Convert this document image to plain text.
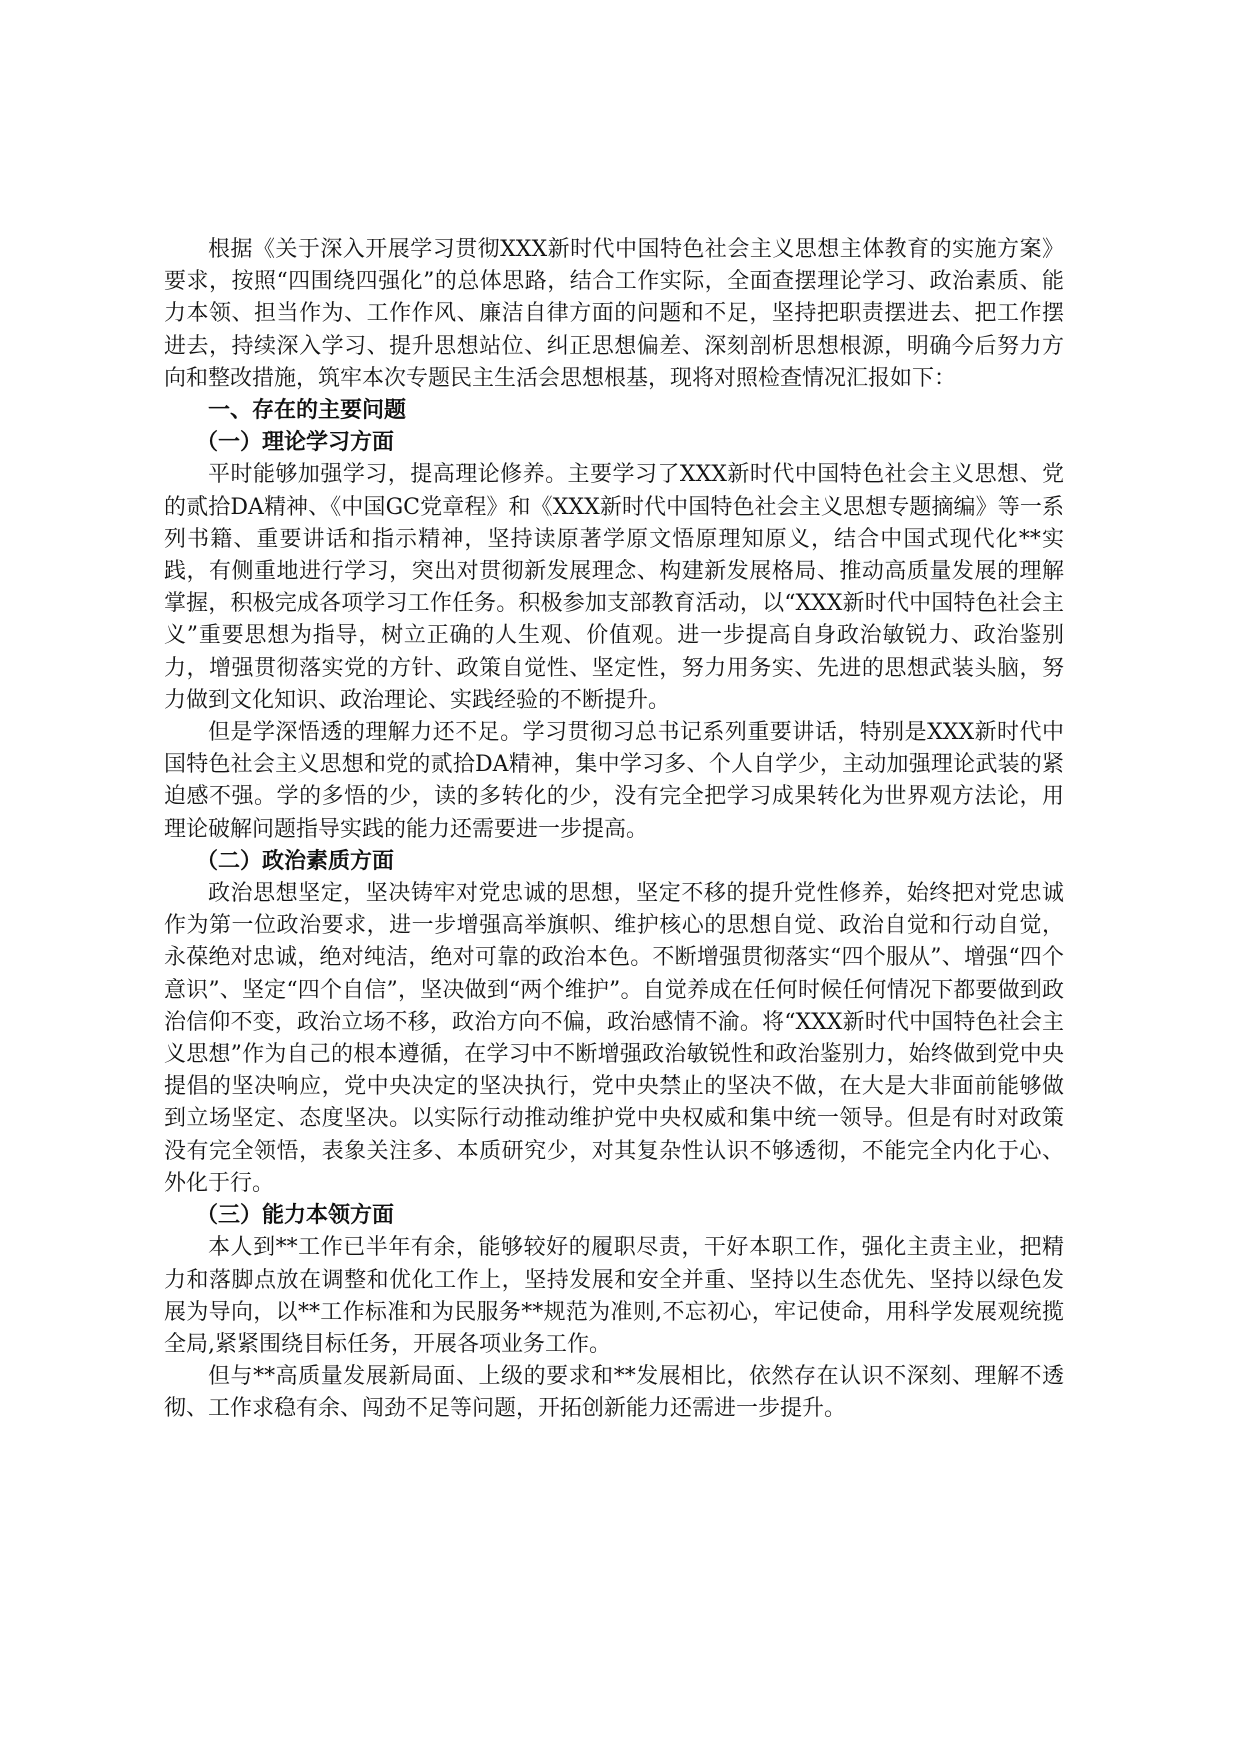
根据《关于深入开展学习贯彻XXX新时代中国特色社会主义思想主体教育的实施方案》要求，按照“四围绕四强化”的总体思路，结合工作实际，全面查摆理论学习、政治素质、能力本领、担当作为、工作作风、廉洁自律方面的问题和不足，坚持把职责摆进去、把工作摆进去，持续深入学习、提升思想站位、纠正思想偏差、深刻剖析思想根源，明确今后努力方向和整改措施，筑牢本次专题民主生活会思想根基，现将对照检查情况汇报如下：

一、存在的主要问题
（一）理论学习方面

平时能够加强学习，提高理论修养。主要学习了XXX新时代中国特色社会主义思想、党的贰拾DA精神、《中国GC党章程》和《XXX新时代中国特色社会主义思想专题摘编》等一系列书籍、重要讲话和指示精神，坚持读原著学原文悟原理知原义，结合中国式现代化**实践，有侧重地进行学习，突出对贯彻新发展理念、构建新发展格局、推动高质量发展的理解掌握，积极完成各项学习工作任务。积极参加支部教育活动，以“XXX新时代中国特色社会主义”重要思想为指导，树立正确的人生观、价值观。进一步提高自身政治敏锐力、政治鉴别力，增强贯彻落实党的方针、政策自觉性、坚定性，努力用务实、先进的思想武装头脑，努力做到文化知识、政治理论、实践经验的不断提升。

但是学深悟透的理解力还不足。学习贯彻习总书记系列重要讲话，特别是XXX新时代中国特色社会主义思想和党的贰拾DA精神，集中学习多、个人自学少，主动加强理论武装的紧迫感不强。学的多悟的少，读的多转化的少，没有完全把学习成果转化为世界观方法论，用理论破解问题指导实践的能力还需要进一步提高。

（二）政治素质方面

政治思想坚定，坚决铸牢对党忠诚的思想，坚定不移的提升党性修养，始终把对党忠诚作为第一位政治要求，进一步增强高举旗帜、维护核心的思想自觉、政治自觉和行动自觉，永葆绝对忠诚，绝对纯洁，绝对可靠的政治本色。不断增强贯彻落实“四个服从”、增强“四个意识”、坚定“四个自信”，坚决做到“两个维护”。自觉养成在任何时候任何情况下都要做到政治信仰不变，政治立场不移，政治方向不偏，政治感情不渝。将“XXX新时代中国特色社会主义思想”作为自己的根本遵循，在学习中不断增强政治敏锐性和政治鉴别力，始终做到党中央提倡的坚决响应，党中央决定的坚决执行，党中央禁止的坚决不做，在大是大非面前能够做到立场坚定、态度坚决。以实际行动推动维护党中央权威和集中统一领导。但是有时对政策没有完全领悟，表象关注多、本质研究少，对其复杂性认识不够透彻，不能完全内化于心、外化于行。

（三）能力本领方面

本人到**工作已半年有余，能够较好的履职尽责，干好本职工作，强化主责主业，把精力和落脚点放在调整和优化工作上，坚持发展和安全并重、坚持以生态优先、坚持以绿色发展为导向，以**工作标准和为民服务**规范为准则,不忘初心，牢记使命，用科学发展观统揽全局,紧紧围绕目标任务，开展各项业务工作。

但与**高质量发展新局面、上级的要求和**发展相比，依然存在认识不深刻、理解不透彻、工作求稳有余、闯劲不足等问题，开拓创新能力还需进一步提升。
